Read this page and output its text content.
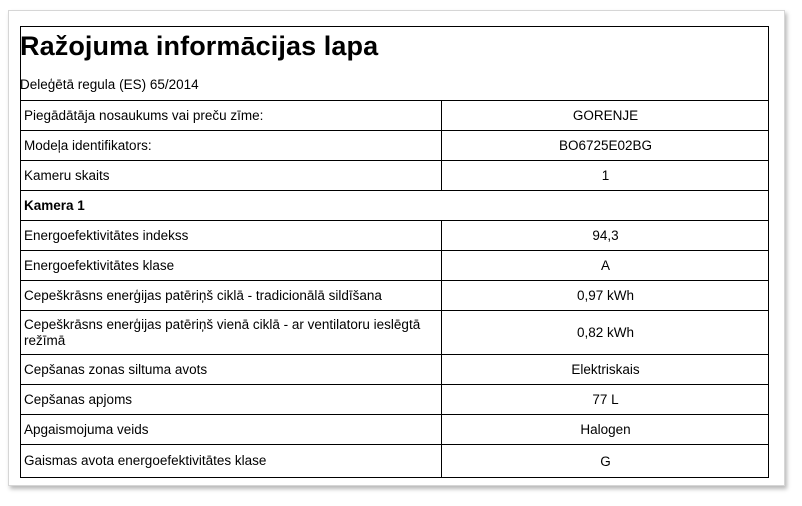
Ražojuma informācijas lapa
Deleģētā regula (ES) 65/2014
Piegādātāja nosaukums vai preču zīme:	GORENJE
Modeļa identifikators:	BO6725E02BG
Kameru skaits	1
Kamera 1
Energoefektivitātes indekss	94,3
Energoefektivitātes klase	A
Cepeškrāsns enerģijas patēriņš ciklā - tradicionālā sildīšana	0,97 kWh
Cepeškrāsns enerģijas patēriņš vienā ciklā - ar ventilatoru ieslēgtā režīmā	0,82 kWh
Cepšanas zonas siltuma avots	Elektriskais
Cepšanas apjoms	77 L
Apgaismojuma veids	Halogen
Gaismas avota energoefektivitātes klase	G
